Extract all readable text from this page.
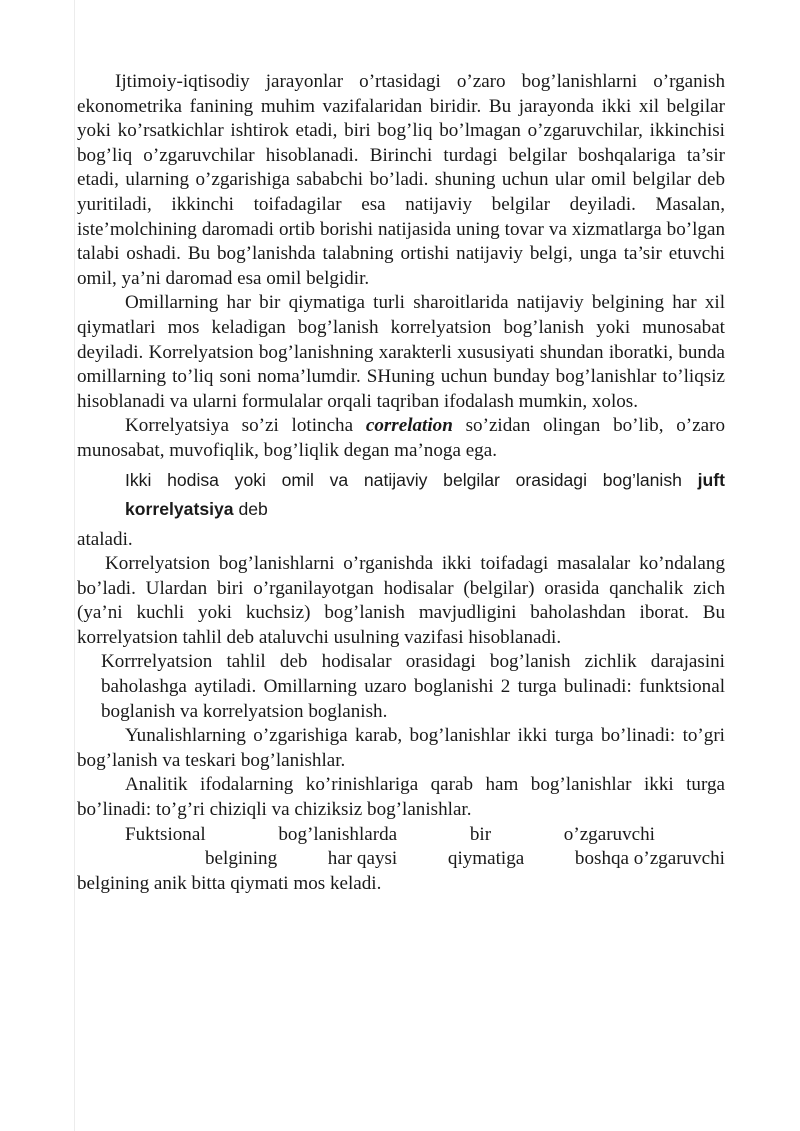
Ijtimoiy-iqtisodiy jarayonlar o’rtasidagi o’zaro bog’lanishlarni o’rganish ekonometrika fanining muhim vazifalaridan biridir. Bu jarayonda ikki xil belgilar yoki ko’rsatkichlar ishtirok etadi, biri bog’liq bo’lmagan o’zgaruvchilar, ikkinchisi bog’liq o’zgaruvchilar hisoblanadi. Birinchi turdagi belgilar boshqalariga ta’sir etadi, ularning o’zgarishiga sababchi bo’ladi. shuning uchun ular omil belgilar deb yuritiladi, ikkinchi toifadagilar esa natijaviy belgilar deyiladi. Masalan, iste’molchining daromadi ortib borishi natijasida uning tovar va xizmatlarga bo’lgan talabi oshadi. Bu bog’lanishda talabning ortishi natijaviy belgi, unga ta’sir etuvchi omil, ya’ni daromad esa omil belgidir.

Omillarning har bir qiymatiga turli sharoitlarida natijaviy belgining har xil qiymatlari mos keladigan bog’lanish korrelyatsion bog’lanish yoki munosabat deyiladi. Korrelyatsion bog’lanishning xarakterli xususiyati shundan iboratki, bunda omillarning to’liq soni noma’lumdir. SHuning uchun bunday bog’lanishlar to’liqsiz hisoblanadi va ularni formulalar orqali taqriban ifodalash mumkin, xolos.

Korrelyatsiya so’zi lotincha correlation so’zidan olingan bo’lib, o’zaro munosabat, muvofiqlik, bog’liqlik degan ma’noga ega.

Ikki hodisa yoki omil va natijaviy belgilar orasidagi bog’lanish juft korrelyatsiya deb

ataladi.

Korrelyatsion bog’lanishlarni o’rganishda ikki toifadagi masalalar ko’ndalang bo’ladi. Ulardan biri o’rganilayotgan hodisalar (belgilar) orasida qanchalik zich (ya’ni kuchli yoki kuchsiz) bog’lanish mavjudligini baholashdan iborat. Bu korrelyatsion tahlil deb ataluvchi usulning vazifasi hisoblanadi.

Korrrelyatsion tahlil deb hodisalar orasidagi bog’lanish zichlik darajasini baholashga aytiladi. Omillarning uzaro boglanishi 2 turga bulinadi: funktsional boglanish va korrelyatsion boglanish.

Yunalishlarning o’zgarishiga karab, bog’lanishlar ikki turga bo’linadi: to’gri bog’lanish va teskari bog’lanishlar.

Analitik ifodalarning ko’rinishlariga qarab ham bog’lanishlar ikki turga bo’linadi: to’g’ri chiziqli va chiziksiz bog’lanishlar.

Fuktsional	bog’lanishlarda	bir	o’zgaruvchi
belgining	har qaysi	qiymatiga	boshqa o’zgaruvchi

belgining anik bitta qiymati mos keladi.
